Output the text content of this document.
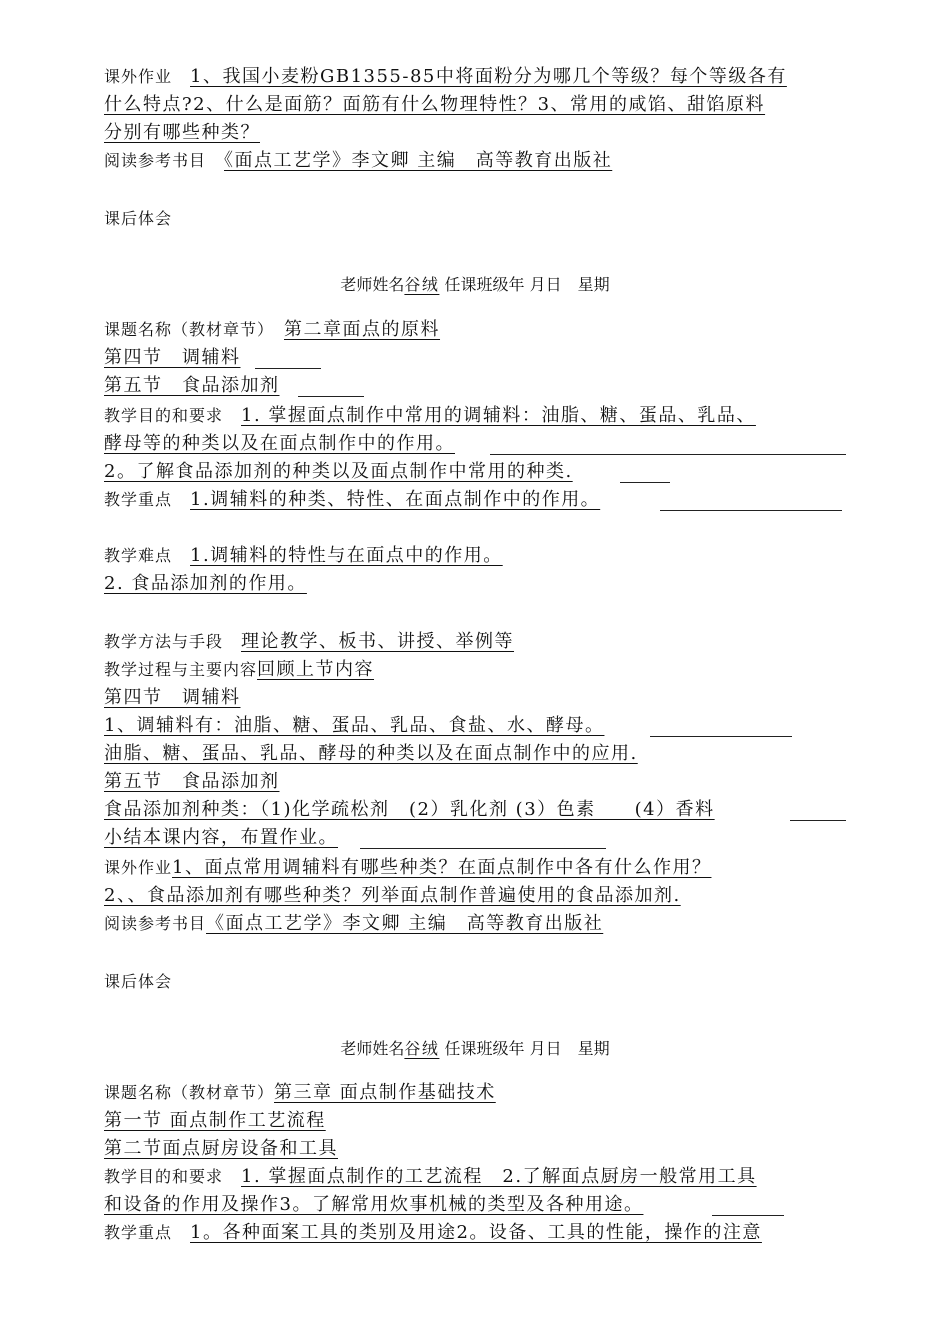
课外作业　 1、我国小麦粉GB1355-85中将面粉分为哪几个等级？每个等级各有
什么特点?2、什么是面筋？面筋有什么物理特性？3、常用的咸馅、甜馅原料
分别有哪些种类？
阅读参考书目　 《面点工艺学》李文卿 主编　高等教育出版社
课后体会
老师姓名谷绒 任课班级年 月日　星期
课题名称（教材章节）　 第二章面点的原料
第四节　调辅料
第五节　食品添加剂
教学目的和要求　 1. 掌握面点制作中常用的调辅料：油脂、糖、蛋品、乳品、
酵母等的种类以及在面点制作中的作用。
2。了解食品添加剂的种类以及面点制作中常用的种类.
教学重点　 1.调辅料的种类、特性、在面点制作中的作用。
教学难点　 1.调辅料的特性与在面点中的作用。
2. 食品添加剂的作用。
教学方法与手段　 理论教学、板书、讲授、举例等
教学过程与主要内容回顾上节内容
第四节　调辅料
1、调辅料有：油脂、糖、蛋品、乳品、食盐、水、酵母。
油脂、糖、蛋品、乳品、酵母的种类以及在面点制作中的应用.
第五节　食品添加剂
食品添加剂种类：（1)化学疏松剂　(2）乳化剂 (3）色素　　(4）香料
小结本课内容，布置作业。
课外作业1、面点常用调辅料有哪些种类？在面点制作中各有什么作用？
2、、食品添加剂有哪些种类？列举面点制作普遍使用的食品添加剂.
阅读参考书目《面点工艺学》李文卿 主编　高等教育出版社
课后体会
老师姓名谷绒 任课班级年 月日　星期
课题名称（教材章节）第三章 面点制作基础技术
第一节 面点制作工艺流程
第二节面点厨房设备和工具
教学目的和要求　 1. 掌握面点制作的工艺流程　2.了解面点厨房一般常用工具
和设备的作用及操作3。了解常用炊事机械的类型及各种用途。
教学重点　 1。各种面案工具的类别及用途2。设备、工具的性能，操作的注意
